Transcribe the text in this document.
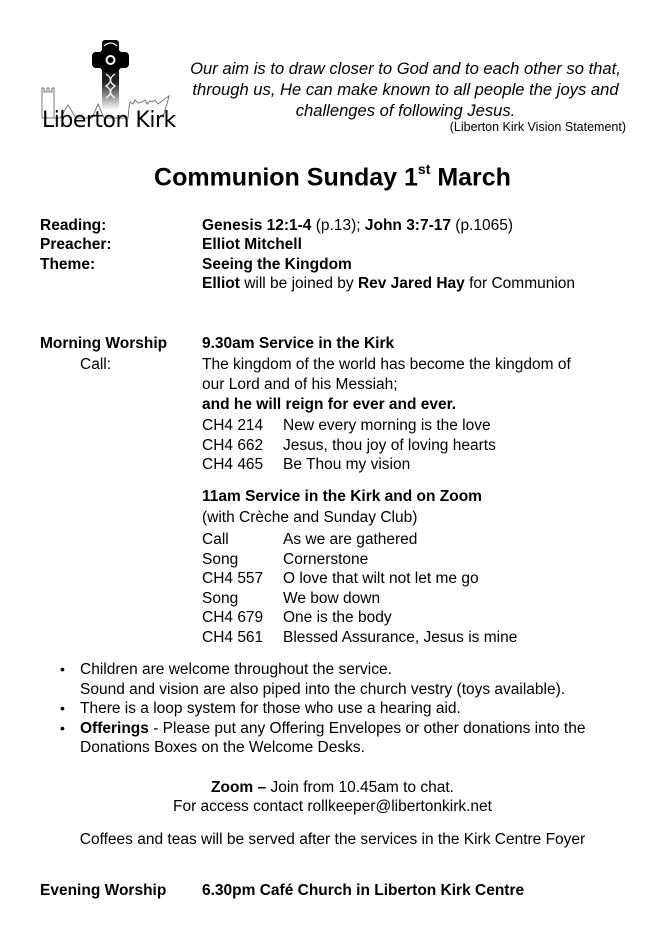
Liberton Kirk
Our aim is to draw closer to God and to each other so that, through us, He can make known to all people the joys and challenges of following Jesus.
(Liberton Kirk Vision Statement)
Communion Sunday 1st March
Reading:	Genesis 12:1-4 (p.13); John 3:7-17 (p.1065)
Preacher:	Elliot Mitchell
Theme:	Seeing the Kingdom
Elliot will be joined by Rev Jared Hay for Communion
Morning Worship 9.30am Service in the Kirk
Call:	The kingdom of the world has become the kingdom of
our Lord and of his Messiah;
and he will reign for ever and ever.
CH4 214 New every morning is the love
CH4 662 Jesus, thou joy of loving hearts
CH4 465 Be Thou my vision
11am Service in the Kirk and on Zoom
(with Crèche and Sunday Club)
Call	As we are gathered
Song	Cornerstone
CH4 557 O love that wilt not let me go
Song	We bow down
CH4 679 One is the body
CH4 561 Blessed Assurance, Jesus is mine
• Children are welcome throughout the service.
Sound and vision are also piped into the church vestry (toys available).
• There is a loop system for those who use a hearing aid.
• Offerings - Please put any Offering Envelopes or other donations into the
Donations Boxes on the Welcome Desks.
Zoom – Join from 10.45am to chat.
For access contact rollkeeper@libertonkirk.net
Coffees and teas will be served after the services in the Kirk Centre Foyer
Evening Worship 6.30pm Café Church in Liberton Kirk Centre
